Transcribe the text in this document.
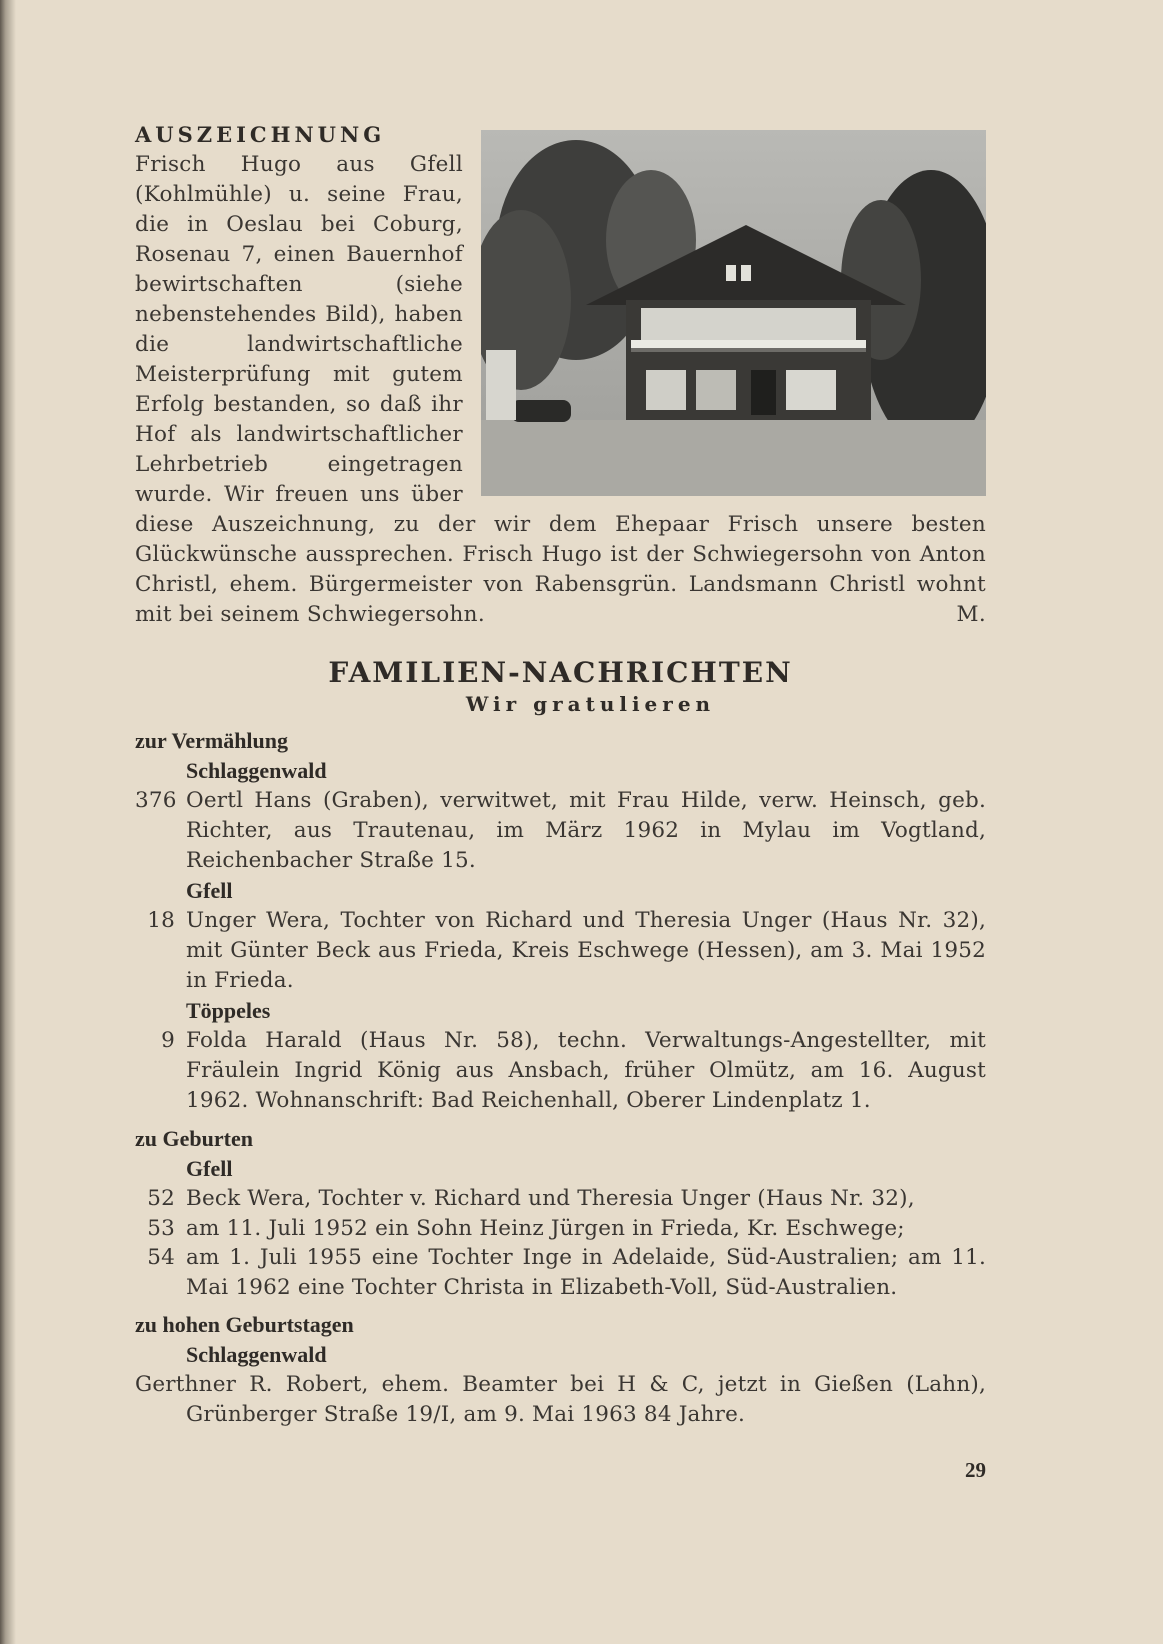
AUSZEICHNUNG
Frisch Hugo aus Gfell (Kohlmühle) u. seine Frau, die in Oeslau bei Coburg, Rosenau 7, einen Bauernhof bewirtschaften (siehe nebenstehendes Bild), haben die landwirtschaftliche Meisterprüfung mit gutem Erfolg bestanden, so daß ihr Hof als landwirtschaftlicher Lehrbetrieb eingetragen wurde. Wir freuen uns über diese Auszeichnung, zu der wir dem Ehepaar Frisch unsere besten Glückwünsche aussprechen. Frisch Hugo ist der Schwiegersohn von Anton Christl, ehem. Bürgermeister von Rabensgrün. Landsmann Christl wohnt mit bei seinem Schwiegersohn.	M.
FAMILIEN-NACHRICHTEN
Wir gratulieren
zur Vermählung
Schlaggenwald
376 Oertl Hans (Graben), verwitwet, mit Frau Hilde, verw. Heinsch, geb. Richter, aus Trautenau, im März 1962 in Mylau im Vogtland, Reichenbacher Straße 15.
Gfell
18 Unger Wera, Tochter von Richard und Theresia Unger (Haus Nr. 32), mit Günter Beck aus Frieda, Kreis Eschwege (Hessen), am 3. Mai 1952 in Frieda.
Töppeles
9 Folda Harald (Haus Nr. 58), techn. Verwaltungs-Angestellter, mit Fräulein Ingrid König aus Ansbach, früher Olmütz, am 16. August 1962. Wohnanschrift: Bad Reichenhall, Oberer Lindenplatz 1.
zu Geburten
Gfell
52 Beck Wera, Tochter v. Richard und Theresia Unger (Haus Nr. 32),
53 am 11. Juli 1952 ein Sohn Heinz Jürgen in Frieda, Kr. Eschwege;
54 am 1. Juli 1955 eine Tochter Inge in Adelaide, Süd-Australien; am 11. Mai 1962 eine Tochter Christa in Elizabeth-Voll, Süd-Australien.
zu hohen Geburtstagen
Schlaggenwald
Gerthner R. Robert, ehem. Beamter bei H & C, jetzt in Gießen (Lahn), Grünberger Straße 19/I, am 9. Mai 1963 84 Jahre.
29
